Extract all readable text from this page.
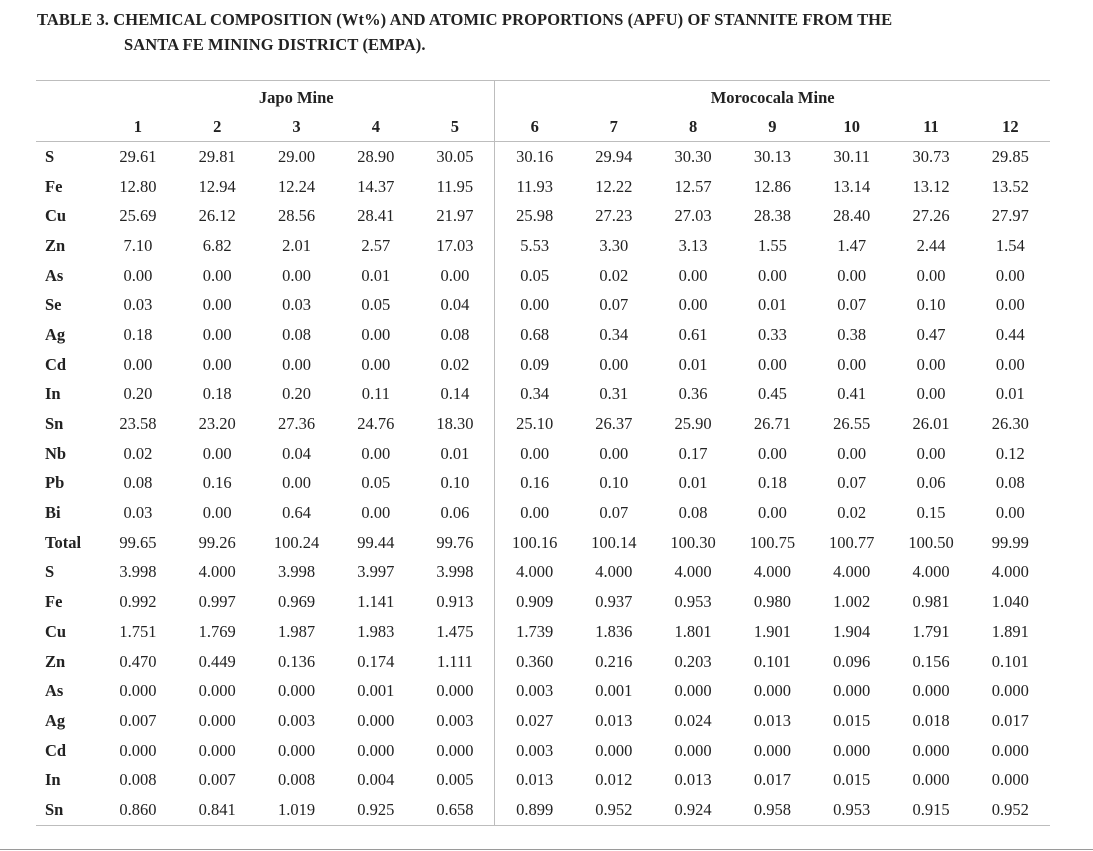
TABLE 3. CHEMICAL COMPOSITION (Wt%) AND ATOMIC PROPORTIONS (APFU) OF STANNITE FROM THE
SANTA FE MINING DISTRICT (EMPA).

	Japo Mine					Morococala Mine						
	1	2	3	4	5	6	7	8	9	10	11	12
S	29.61	29.81	29.00	28.90	30.05	30.16	29.94	30.30	30.13	30.11	30.73	29.85
Fe	12.80	12.94	12.24	14.37	11.95	11.93	12.22	12.57	12.86	13.14	13.12	13.52
Cu	25.69	26.12	28.56	28.41	21.97	25.98	27.23	27.03	28.38	28.40	27.26	27.97
Zn	7.10	6.82	2.01	2.57	17.03	5.53	3.30	3.13	1.55	1.47	2.44	1.54
As	0.00	0.00	0.00	0.01	0.00	0.05	0.02	0.00	0.00	0.00	0.00	0.00
Se	0.03	0.00	0.03	0.05	0.04	0.00	0.07	0.00	0.01	0.07	0.10	0.00
Ag	0.18	0.00	0.08	0.00	0.08	0.68	0.34	0.61	0.33	0.38	0.47	0.44
Cd	0.00	0.00	0.00	0.00	0.02	0.09	0.00	0.01	0.00	0.00	0.00	0.00
In	0.20	0.18	0.20	0.11	0.14	0.34	0.31	0.36	0.45	0.41	0.00	0.01
Sn	23.58	23.20	27.36	24.76	18.30	25.10	26.37	25.90	26.71	26.55	26.01	26.30
Nb	0.02	0.00	0.04	0.00	0.01	0.00	0.00	0.17	0.00	0.00	0.00	0.12
Pb	0.08	0.16	0.00	0.05	0.10	0.16	0.10	0.01	0.18	0.07	0.06	0.08
Bi	0.03	0.00	0.64	0.00	0.06	0.00	0.07	0.08	0.00	0.02	0.15	0.00
Total	99.65	99.26	100.24	99.44	99.76	100.16	100.14	100.30	100.75	100.77	100.50	99.99
S	3.998	4.000	3.998	3.997	3.998	4.000	4.000	4.000	4.000	4.000	4.000	4.000
Fe	0.992	0.997	0.969	1.141	0.913	0.909	0.937	0.953	0.980	1.002	0.981	1.040
Cu	1.751	1.769	1.987	1.983	1.475	1.739	1.836	1.801	1.901	1.904	1.791	1.891
Zn	0.470	0.449	0.136	0.174	1.111	0.360	0.216	0.203	0.101	0.096	0.156	0.101
As	0.000	0.000	0.000	0.001	0.000	0.003	0.001	0.000	0.000	0.000	0.000	0.000
Ag	0.007	0.000	0.003	0.000	0.003	0.027	0.013	0.024	0.013	0.015	0.018	0.017
Cd	0.000	0.000	0.000	0.000	0.000	0.003	0.000	0.000	0.000	0.000	0.000	0.000
In	0.008	0.007	0.008	0.004	0.005	0.013	0.012	0.013	0.017	0.015	0.000	0.000
Sn	0.860	0.841	1.019	0.925	0.658	0.899	0.952	0.924	0.958	0.953	0.915	0.952
